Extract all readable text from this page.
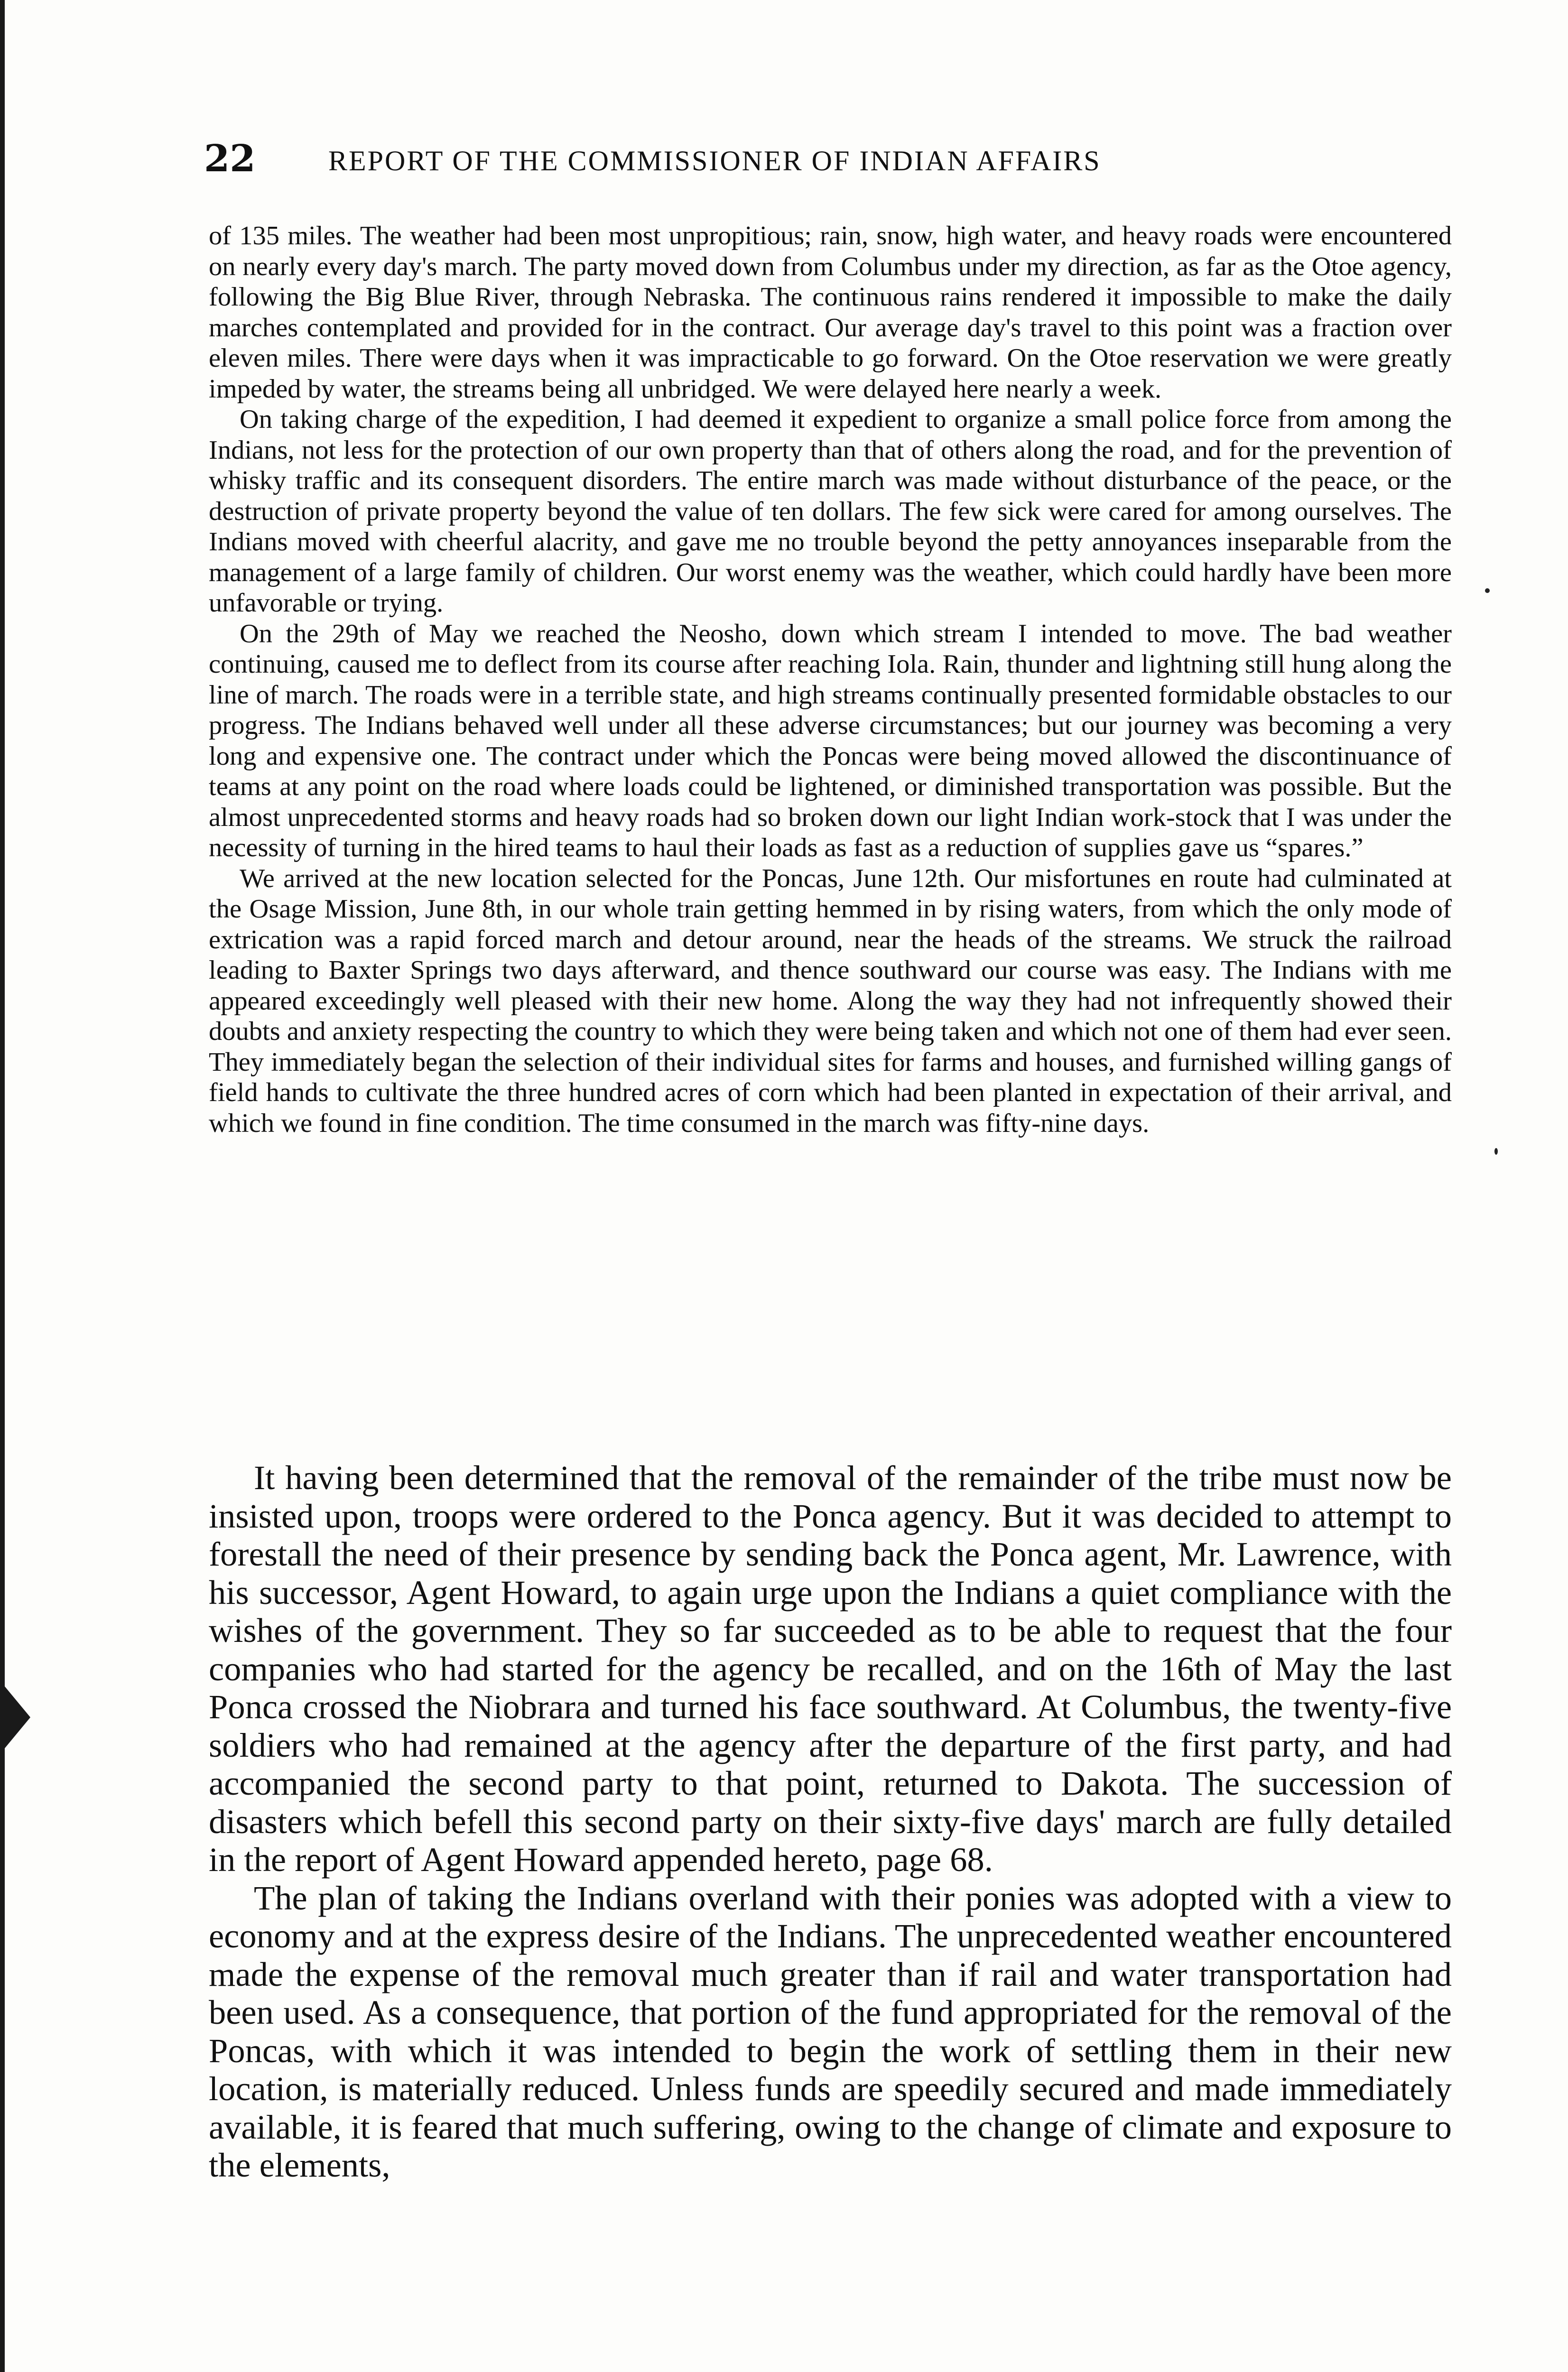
22	REPORT OF THE COMMISSIONER OF INDIAN AFFAIRS

of 135 miles. The weather had been most unpropitious; rain, snow, high water, and heavy roads were encountered on nearly every day's march. The party moved down from Columbus under my direction, as far as the Otoe agency, following the Big Blue River, through Nebraska. The continuous rains rendered it impossible to make the daily marches contemplated and provided for in the contract. Our average day's travel to this point was a fraction over eleven miles. There were days when it was impracticable to go forward. On the Otoe reservation we were greatly impeded by water, the streams being all unbridged. We were delayed here nearly a week.

On taking charge of the expedition, I had deemed it expedient to organize a small police force from among the Indians, not less for the protection of our own property than that of others along the road, and for the prevention of whisky traffic and its consequent disorders. The entire march was made without disturbance of the peace, or the destruction of private property beyond the value of ten dollars. The few sick were cared for among ourselves. The Indians moved with cheerful alacrity, and gave me no trouble beyond the petty annoyances inseparable from the management of a large family of children. Our worst enemy was the weather, which could hardly have been more unfavorable or trying.

On the 29th of May we reached the Neosho, down which stream I intended to move. The bad weather continuing, caused me to deflect from its course after reaching Iola. Rain, thunder and lightning still hung along the line of march. The roads were in a terrible state, and high streams continually presented formidable obstacles to our progress. The Indians behaved well under all these adverse circumstances; but our journey was becoming a very long and expensive one. The contract under which the Poncas were being moved allowed the discontinuance of teams at any point on the road where loads could be lightened, or diminished transportation was possible. But the almost unprecedented storms and heavy roads had so broken down our light Indian work-stock that I was under the necessity of turning in the hired teams to haul their loads as fast as a reduction of supplies gave us “spares.”

We arrived at the new location selected for the Poncas, June 12th. Our misfortunes en route had culminated at the Osage Mission, June 8th, in our whole train getting hemmed in by rising waters, from which the only mode of extrication was a rapid forced march and detour around, near the heads of the streams. We struck the railroad leading to Baxter Springs two days afterward, and thence southward our course was easy. The Indians with me appeared exceedingly well pleased with their new home. Along the way they had not infrequently showed their doubts and anxiety respecting the country to which they were being taken and which not one of them had ever seen. They immediately began the selection of their individual sites for farms and houses, and furnished willing gangs of field hands to cultivate the three hundred acres of corn which had been planted in expectation of their arrival, and which we found in fine condition. The time consumed in the march was fifty-nine days.

It having been determined that the removal of the remainder of the tribe must now be insisted upon, troops were ordered to the Ponca agency. But it was decided to attempt to forestall the need of their presence by sending back the Ponca agent, Mr. Lawrence, with his successor, Agent Howard, to again urge upon the Indians a quiet compliance with the wishes of the government. They so far succeeded as to be able to request that the four companies who had started for the agency be recalled, and on the 16th of May the last Ponca crossed the Niobrara and turned his face southward. At Columbus, the twenty-five soldiers who had remained at the agency after the departure of the first party, and had accompanied the second party to that point, returned to Dakota. The succession of disasters which befell this second party on their sixty-five days' march are fully detailed in the report of Agent Howard appended hereto, page 68.

The plan of taking the Indians overland with their ponies was adopted with a view to economy and at the express desire of the Indians. The unprecedented weather encountered made the expense of the removal much greater than if rail and water transportation had been used. As a consequence, that portion of the fund appropriated for the removal of the Poncas, with which it was intended to begin the work of settling them in their new location, is materially reduced. Unless funds are speedily secured and made immediately available, it is feared that much suffering, owing to the change of climate and exposure to the elements,
